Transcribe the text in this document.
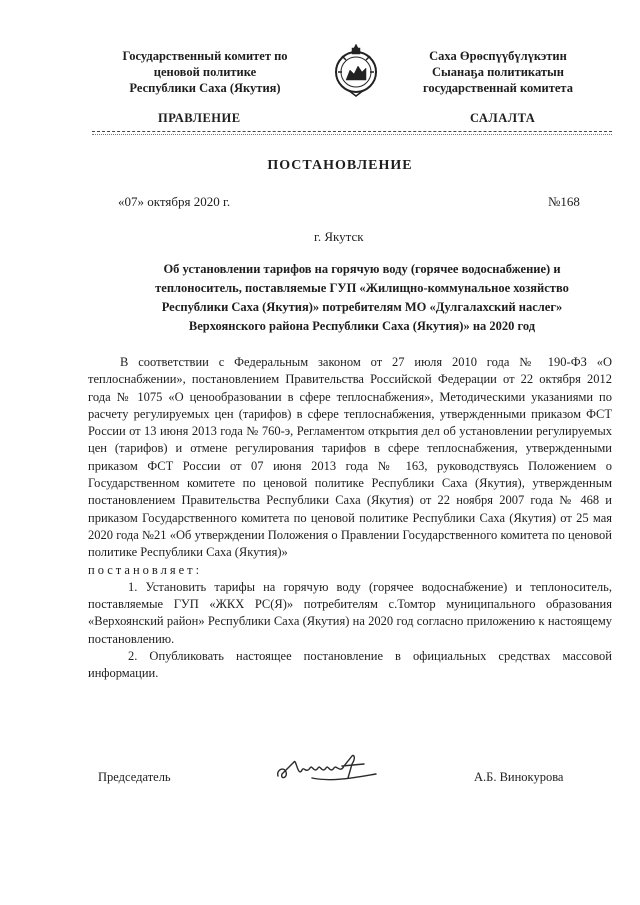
Государственный комитет по
ценовой политике
Республики Саха (Якутия)
Саха Өрөспүүбүлүкэтин
Сыанаҕа политикатын
государственнай комитета
ПРАВЛЕНИЕ	САЛАЛТА
ПОСТАНОВЛЕНИЕ
«07» октября 2020 г.	№168
г. Якутск
Об установлении тарифов на горячую воду (горячее водоснабжение) и
теплоноситель, поставляемые ГУП «Жилищно-коммунальное хозяйство
Республики Саха (Якутия)» потребителям МО «Дулгалахский наслег»
Верхоянского района Республики Саха (Якутия)» на 2020 год

В соответствии с Федеральным законом от 27 июля 2010 года № 190-ФЗ «О теплоснабжении», постановлением Правительства Российской Федерации от 22 октября 2012 года № 1075 «О ценообразовании в сфере теплоснабжения», Методическими указаниями по расчету регулируемых цен (тарифов) в сфере теплоснабжения, утвержденными приказом ФСТ России от 13 июня 2013 года № 760-э, Регламентом открытия дел об установлении регулируемых цен (тарифов) и отмене регулирования тарифов в сфере теплоснабжения, утвержденными приказом ФСТ России от 07 июня 2013 года № 163, руководствуясь Положением о Государственном комитете по ценовой политике Республики Саха (Якутия), утвержденным постановлением Правительства Республики Саха (Якутия) от 22 ноября 2007 года № 468 и приказом Государственного комитета по ценовой политике Республики Саха (Якутия) от 25 мая 2020 года №21 «Об утверждении Положения о Правлении Государственного комитета по ценовой политике Республики Саха (Якутия)»

постановляет:

1. Установить тарифы на горячую воду (горячее водоснабжение) и теплоноситель, поставляемые ГУП «ЖКХ РС(Я)» потребителям с.Томтор муниципального образования «Верхоянский район» Республики Саха (Якутия) на 2020 год согласно приложению к настоящему постановлению.

2. Опубликовать настоящее постановление в официальных средствах массовой информации.

Председатель	А.Б. Винокурова
